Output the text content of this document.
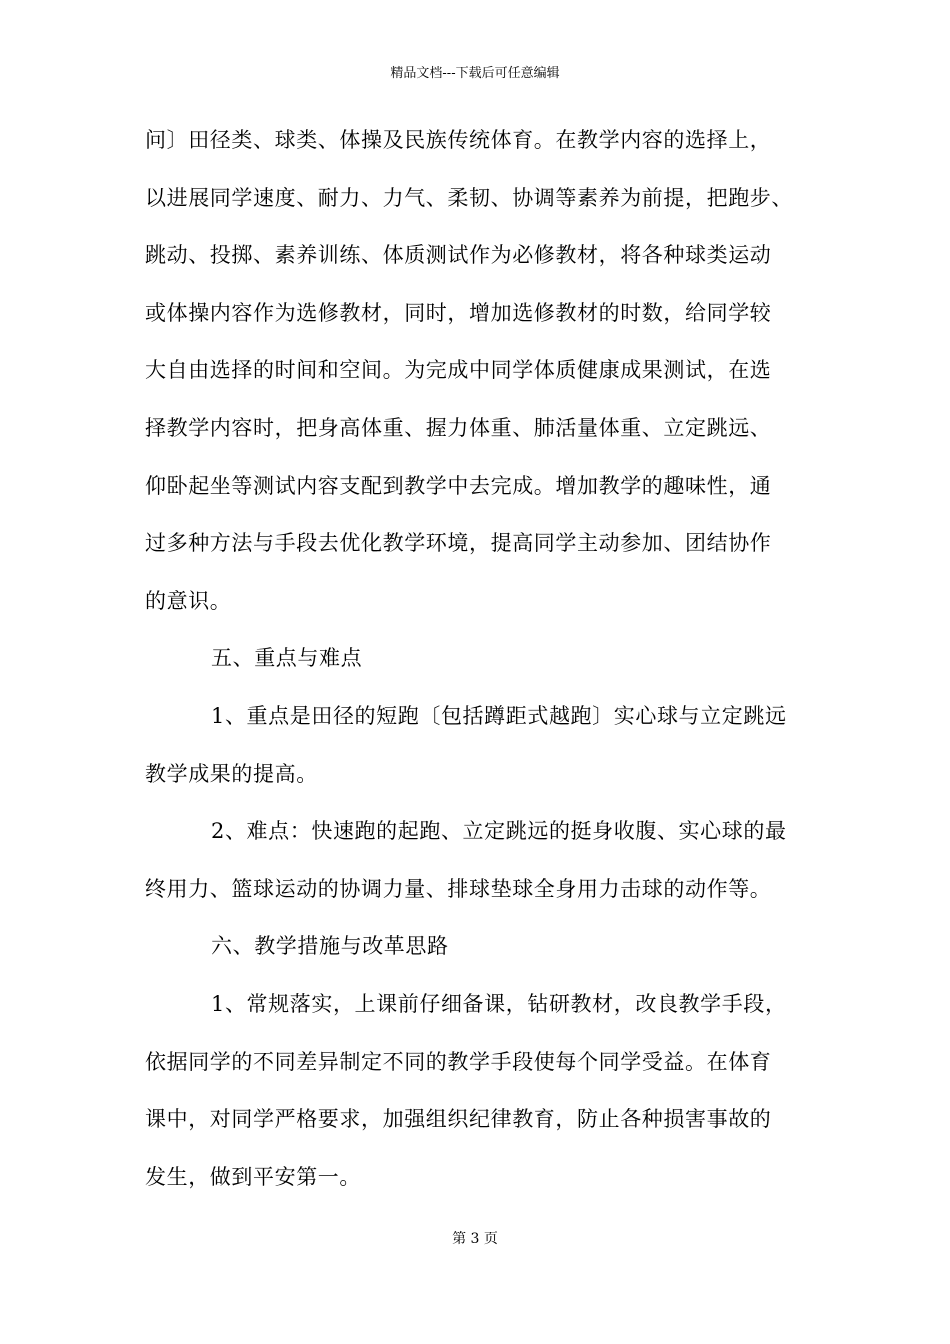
精品文档---下载后可任意编辑
问〕田径类、球类、体操及民族传统体育。在教学内容的选择上，
以进展同学速度、耐力、力气、柔韧、协调等素养为前提，把跑步、
跳动、投掷、素养训练、体质测试作为必修教材，将各种球类运动
或体操内容作为选修教材，同时，增加选修教材的时数，给同学较
大自由选择的时间和空间。为完成中同学体质健康成果测试，在选
择教学内容时，把身高体重、握力体重、肺活量体重、立定跳远、
仰卧起坐等测试内容支配到教学中去完成。增加教学的趣味性，通
过多种方法与手段去优化教学环境，提高同学主动参加、团结协作
的意识。
五、重点与难点
1、重点是田径的短跑〔包括蹲距式越跑〕实心球与立定跳远
教学成果的提高。
2、难点：快速跑的起跑、立定跳远的挺身收腹、实心球的最
终用力、篮球运动的协调力量、排球垫球全身用力击球的动作等。
六、教学措施与改革思路
1、常规落实，上课前仔细备课，钻研教材，改良教学手段，
依据同学的不同差异制定不同的教学手段使每个同学受益。在体育
课中，对同学严格要求，加强组织纪律教育，防止各种损害事故的
发生，做到平安第一。
第 3 页
